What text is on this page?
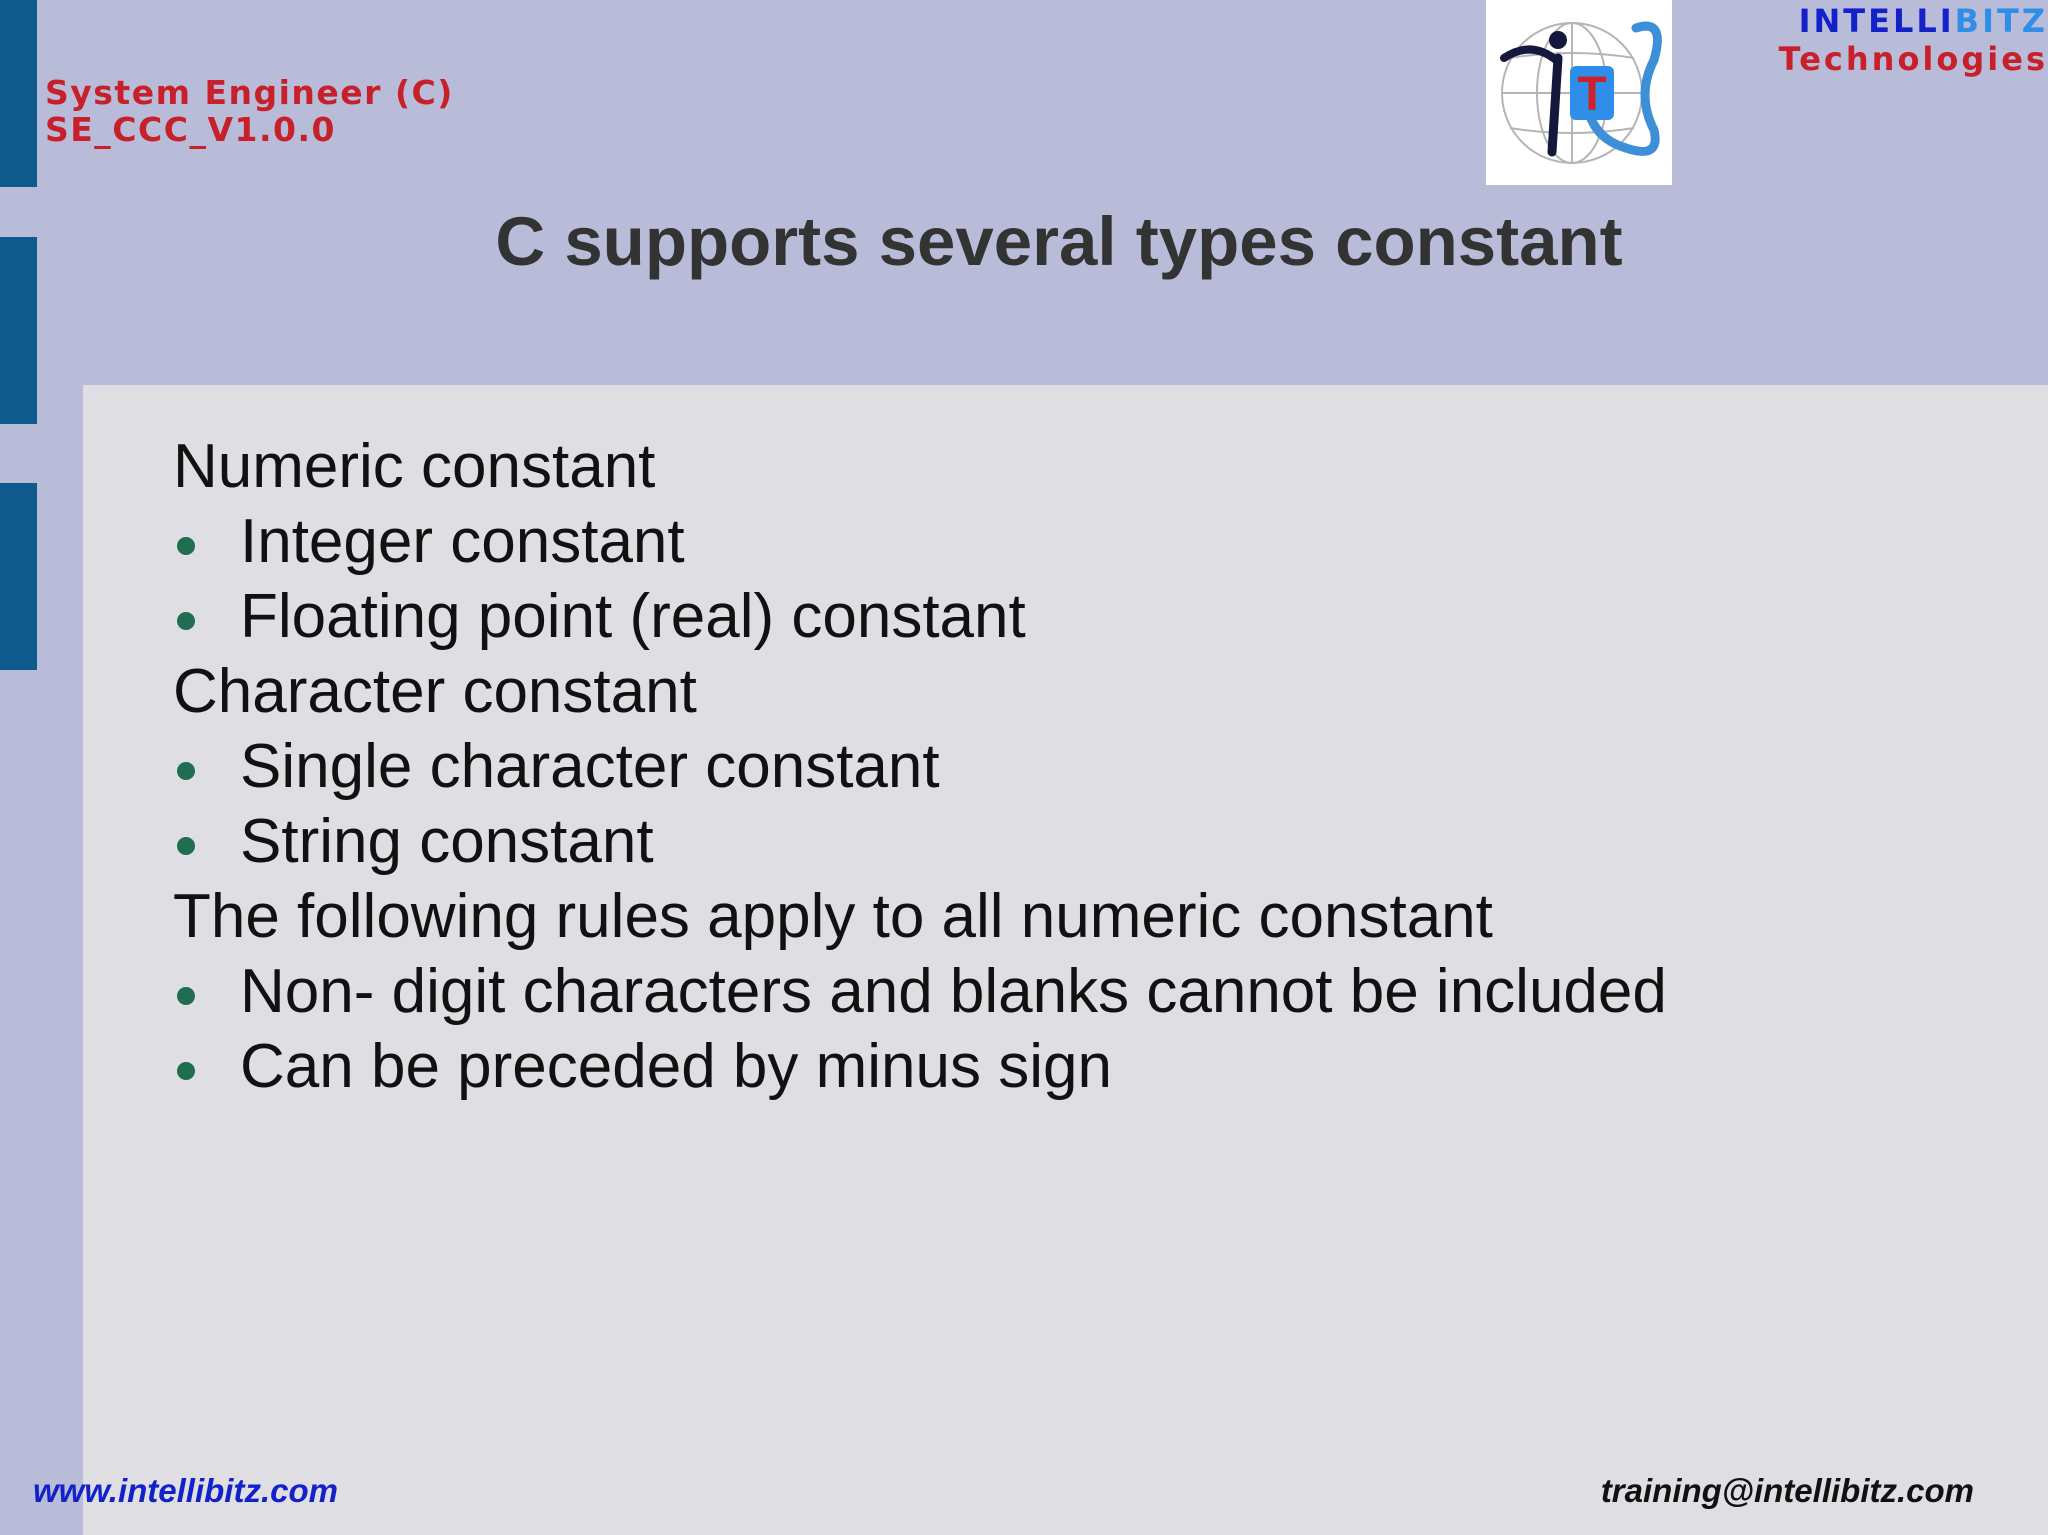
System Engineer (C)
SE_CCC_V1.0.0
T
INTELLIBITZ
Technologies
C supports several types constant
Numeric constant
Integer constant
Floating point (real) constant
Character constant
Single character constant
String constant
The following rules apply to all numeric constant
Non- digit characters and blanks cannot be included
Can be preceded by minus sign
www.intellibitz.com	training@intellibitz.com
